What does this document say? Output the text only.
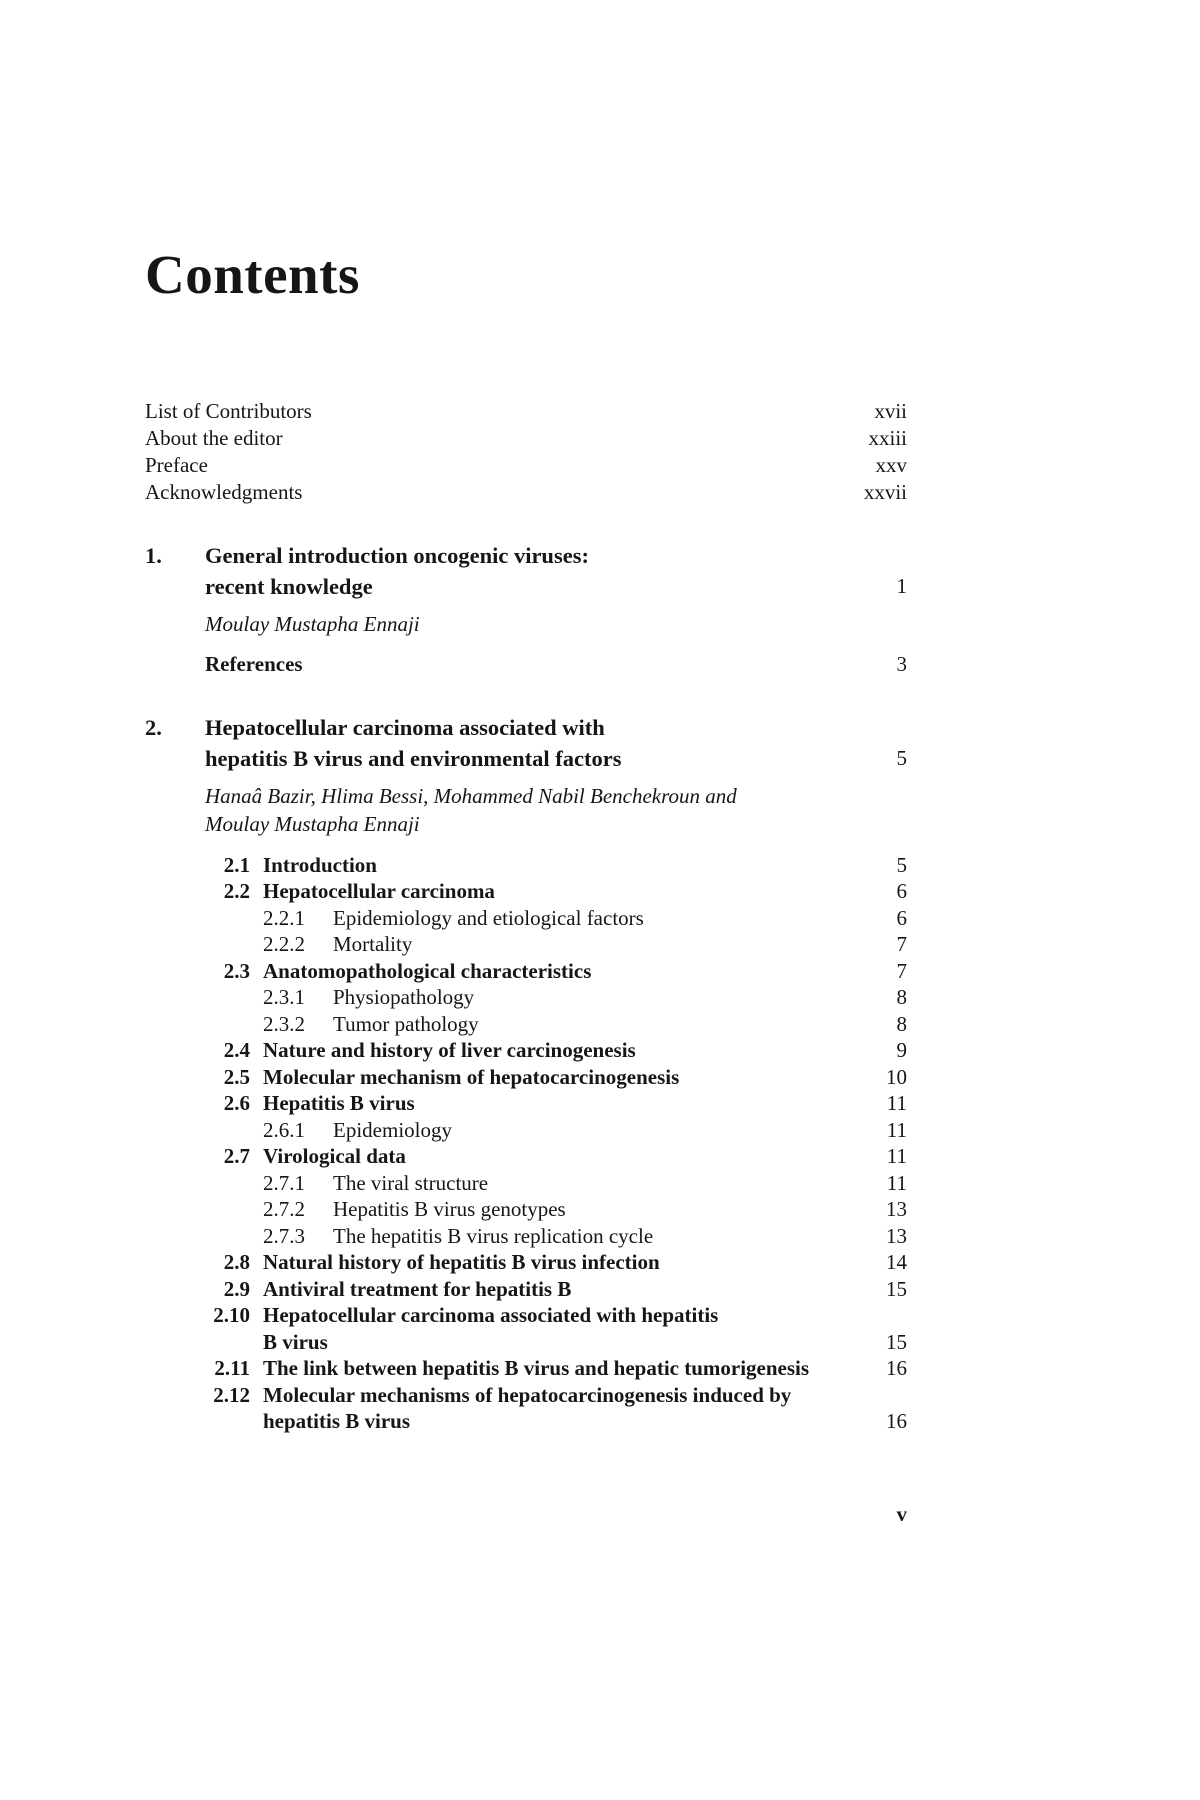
Contents
List of Contributors	xvii
About the editor	xxiii
Preface	xxv
Acknowledgments	xxvii
1.	General introduction oncogenic viruses:
recent knowledge	1
Moulay Mustapha Ennaji
References	3
2.	Hepatocellular carcinoma associated with
hepatitis B virus and environmental factors	5
Hanaâ Bazir, Hlima Bessi, Mohammed Nabil Benchekroun and
Moulay Mustapha Ennaji
2.1 Introduction	5
2.2 Hepatocellular carcinoma	6
2.2.1	Epidemiology and etiological factors	6
2.2.2	Mortality	7
2.3 Anatomopathological characteristics	7
2.3.1	Physiopathology	8
2.3.2	Tumor pathology	8
2.4 Nature and history of liver carcinogenesis	9
2.5 Molecular mechanism of hepatocarcinogenesis	10
2.6 Hepatitis B virus	11
2.6.1	Epidemiology	11
2.7 Virological data	11
2.7.1	The viral structure	11
2.7.2	Hepatitis B virus genotypes	13
2.7.3	The hepatitis B virus replication cycle	13
2.8 Natural history of hepatitis B virus infection	14
2.9 Antiviral treatment for hepatitis B	15
2.10 Hepatocellular carcinoma associated with hepatitis
B virus	15
2.11 The link between hepatitis B virus and hepatic tumorigenesis	16
2.12 Molecular mechanisms of hepatocarcinogenesis induced by
hepatitis B virus	16
v
